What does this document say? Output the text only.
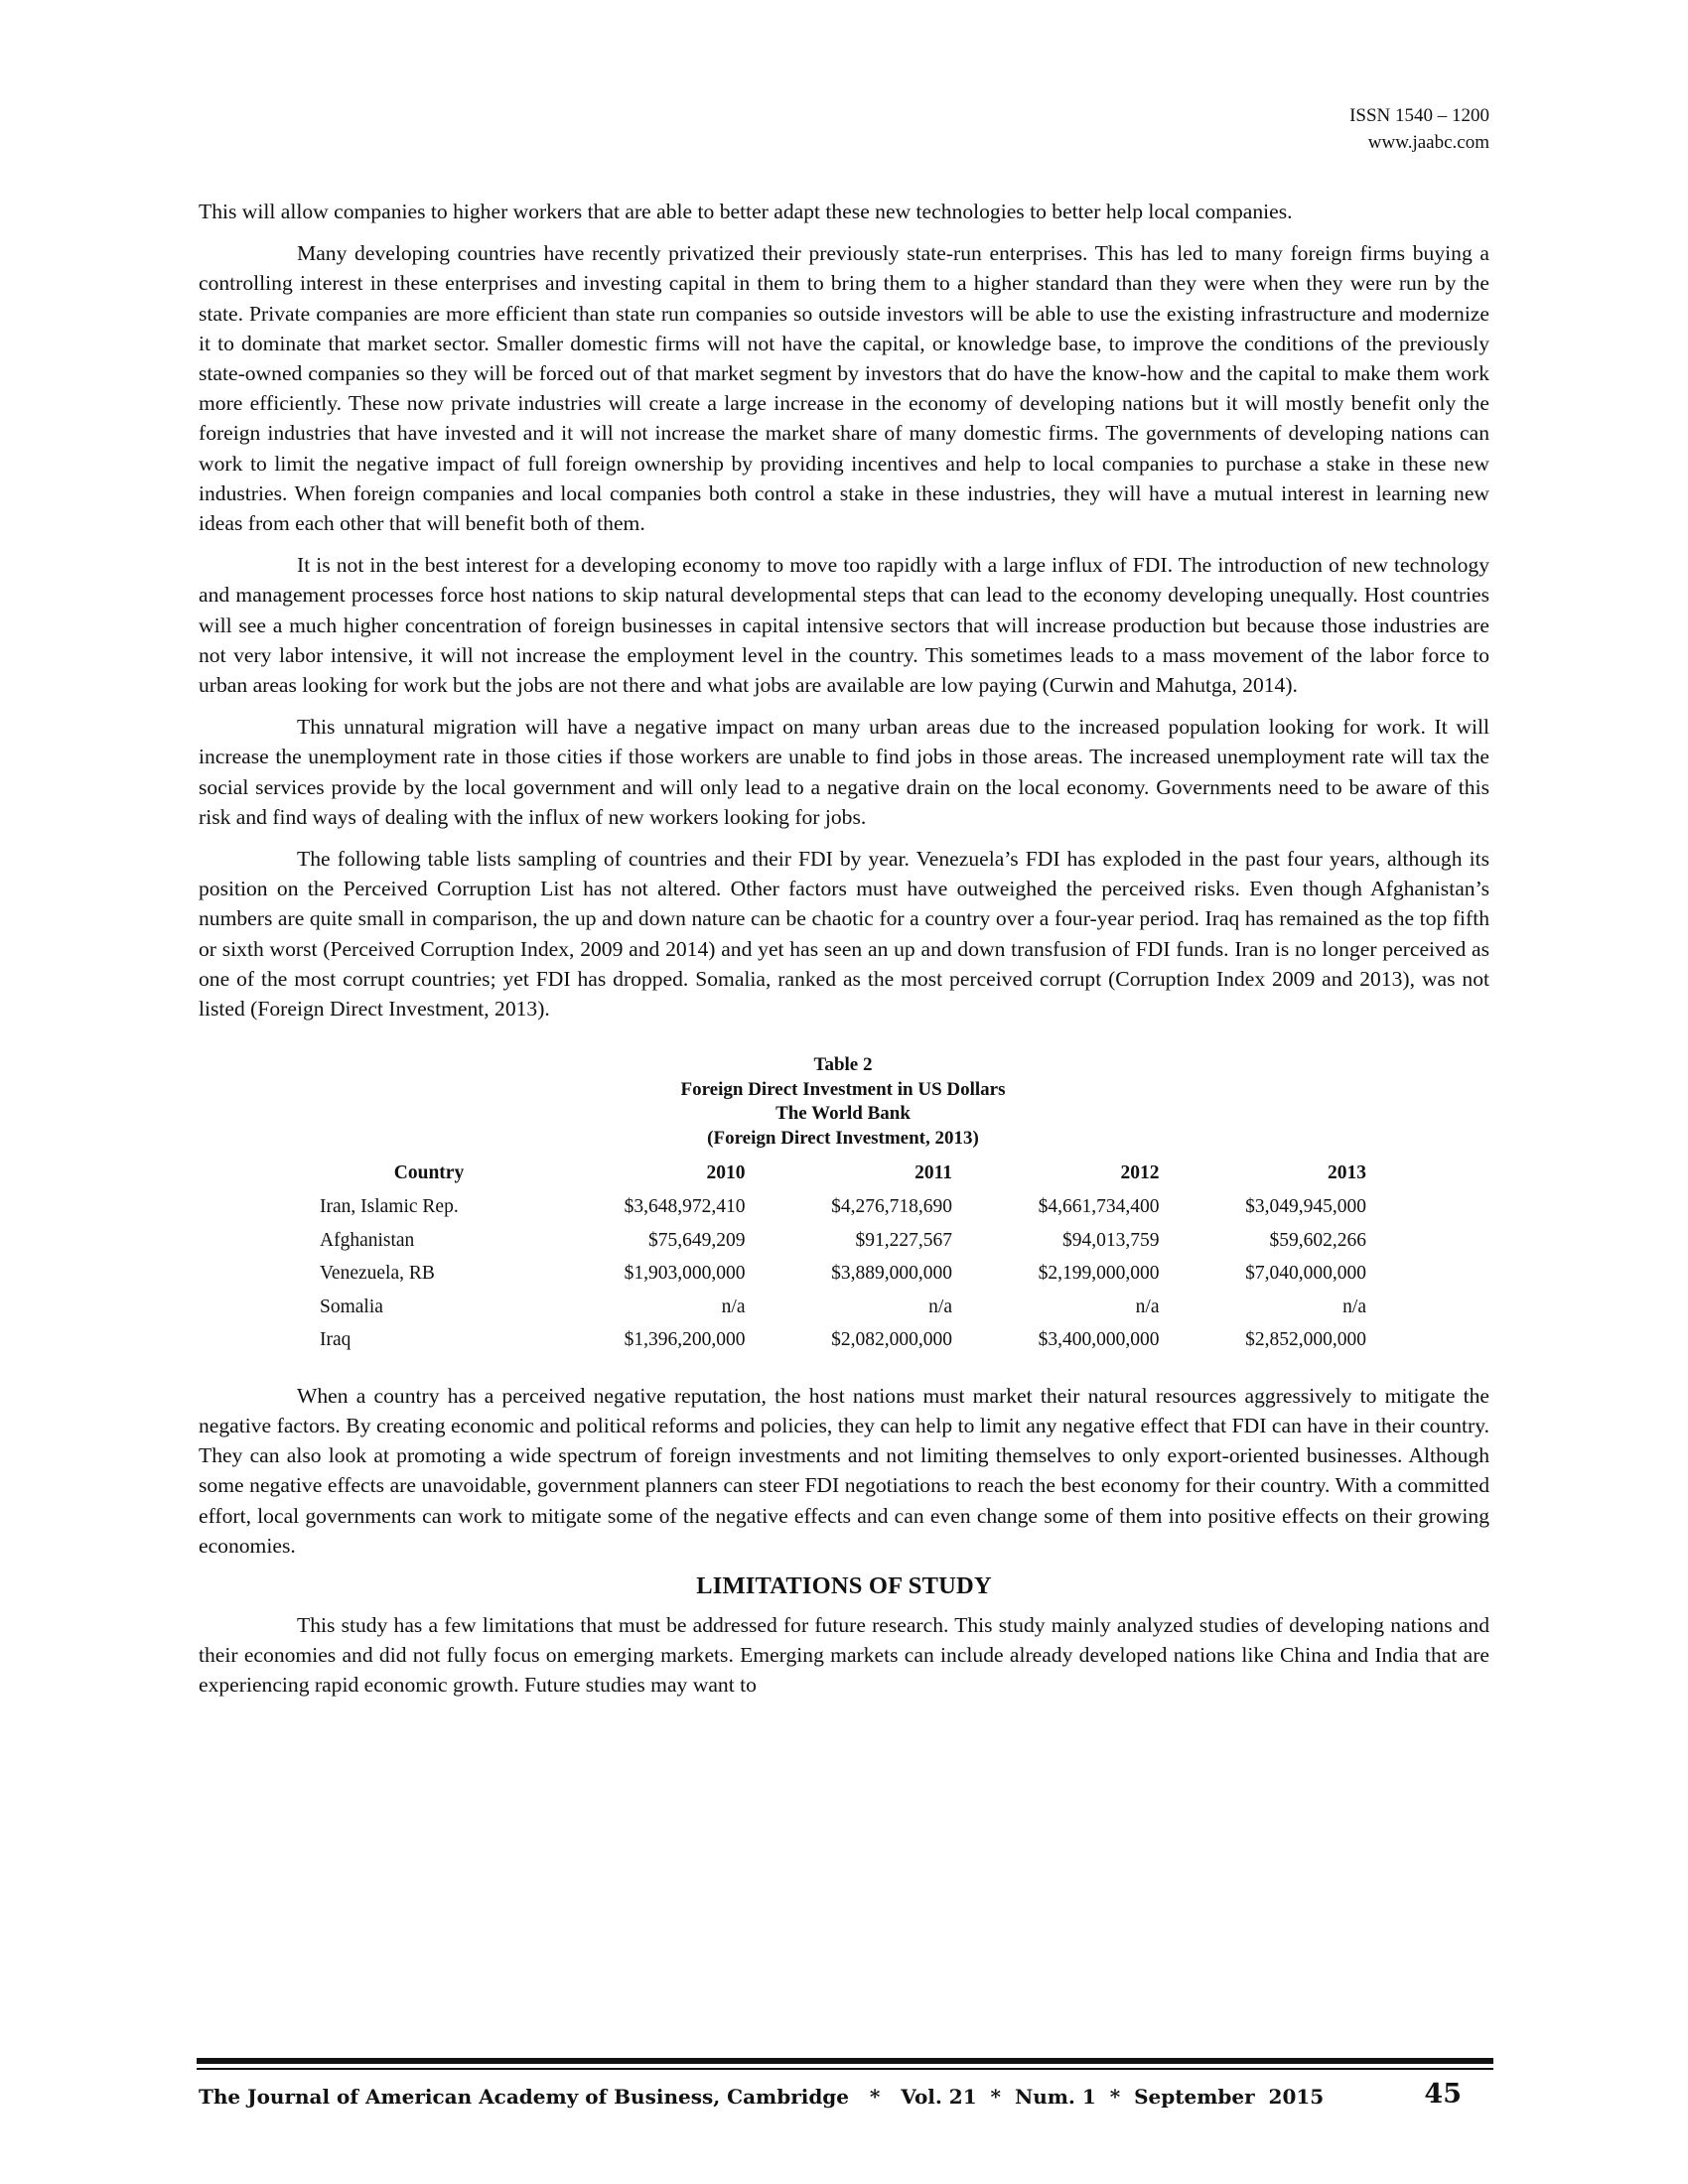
ISSN 1540 – 1200
www.jaabc.com

This will allow companies to higher workers that are able to better adapt these new technologies to better help local companies.

Many developing countries have recently privatized their previously state-run enterprises. This has led to many foreign firms buying a controlling interest in these enterprises and investing capital in them to bring them to a higher standard than they were when they were run by the state. Private companies are more efficient than state run companies so outside investors will be able to use the existing infrastructure and modernize it to dominate that market sector. Smaller domestic firms will not have the capital, or knowledge base, to improve the conditions of the previously state-owned companies so they will be forced out of that market segment by investors that do have the know-how and the capital to make them work more efficiently. These now private industries will create a large increase in the economy of developing nations but it will mostly benefit only the foreign industries that have invested and it will not increase the market share of many domestic firms. The governments of developing nations can work to limit the negative impact of full foreign ownership by providing incentives and help to local companies to purchase a stake in these new industries. When foreign companies and local companies both control a stake in these industries, they will have a mutual interest in learning new ideas from each other that will benefit both of them.

It is not in the best interest for a developing economy to move too rapidly with a large influx of FDI. The introduction of new technology and management processes force host nations to skip natural developmental steps that can lead to the economy developing unequally. Host countries will see a much higher concentration of foreign businesses in capital intensive sectors that will increase production but because those industries are not very labor intensive, it will not increase the employment level in the country. This sometimes leads to a mass movement of the labor force to urban areas looking for work but the jobs are not there and what jobs are available are low paying (Curwin and Mahutga, 2014).

This unnatural migration will have a negative impact on many urban areas due to the increased population looking for work. It will increase the unemployment rate in those cities if those workers are unable to find jobs in those areas. The increased unemployment rate will tax the social services provide by the local government and will only lead to a negative drain on the local economy. Governments need to be aware of this risk and find ways of dealing with the influx of new workers looking for jobs.

The following table lists sampling of countries and their FDI by year. Venezuela’s FDI has exploded in the past four years, although its position on the Perceived Corruption List has not altered. Other factors must have outweighed the perceived risks. Even though Afghanistan’s numbers are quite small in comparison, the up and down nature can be chaotic for a country over a four-year period. Iraq has remained as the top fifth or sixth worst (Perceived Corruption Index, 2009 and 2014) and yet has seen an up and down transfusion of FDI funds. Iran is no longer perceived as one of the most corrupt countries; yet FDI has dropped. Somalia, ranked as the most perceived corrupt (Corruption Index 2009 and 2013), was not listed (Foreign Direct Investment, 2013).

Table 2
Foreign Direct Investment in US Dollars
The World Bank
(Foreign Direct Investment, 2013)
Country	2010	2011	2012	2013
Iran, Islamic Rep.	$3,648,972,410	$4,276,718,690	$4,661,734,400	$3,049,945,000
Afghanistan	$75,649,209	$91,227,567	$94,013,759	$59,602,266
Venezuela, RB	$1,903,000,000	$3,889,000,000	$2,199,000,000	$7,040,000,000
Somalia	n/a	n/a	n/a	n/a
Iraq	$1,396,200,000	$2,082,000,000	$3,400,000,000	$2,852,000,000

When a country has a perceived negative reputation, the host nations must market their natural resources aggressively to mitigate the negative factors. By creating economic and political reforms and policies, they can help to limit any negative effect that FDI can have in their country. They can also look at promoting a wide spectrum of foreign investments and not limiting themselves to only export-oriented businesses. Although some negative effects are unavoidable, government planners can steer FDI negotiations to reach the best economy for their country. With a committed effort, local governments can work to mitigate some of the negative effects and can even change some of them into positive effects on their growing economies.

LIMITATIONS OF STUDY

This study has a few limitations that must be addressed for future research. This study mainly analyzed studies of developing nations and their economies and did not fully focus on emerging markets. Emerging markets can include already developed nations like China and India that are experiencing rapid economic growth. Future studies may want to

The Journal of American Academy of Business, Cambridge   *   Vol. 21  *  Num. 1  *  September  2015	45
